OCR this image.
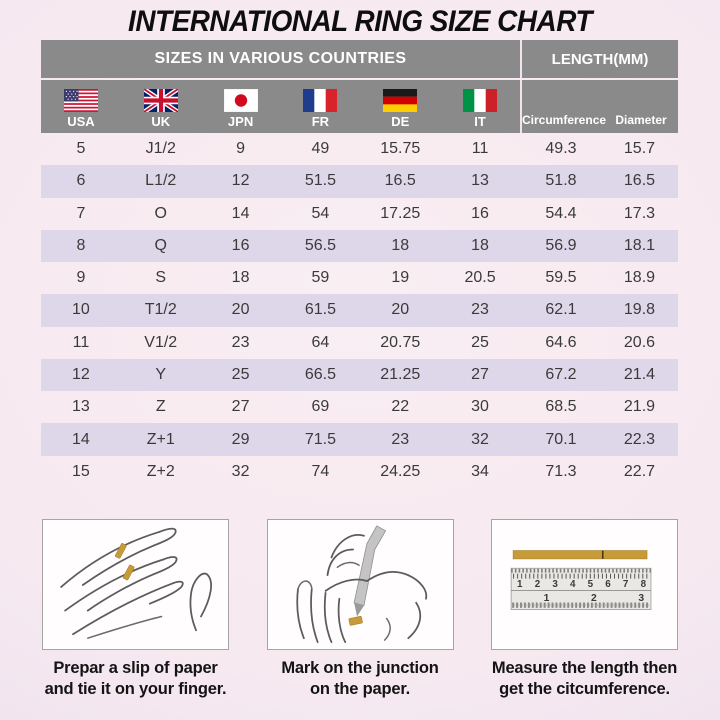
INTERNATIONAL RING SIZE CHART
SIZES IN VARIOUS COUNTRIES	LENGTH(MM)
USA	UK	JPN	FR	DE	IT	Circumference Diameter
5	J1/2	9	49	15.75	11	49.3	15.7
6	L1/2	12	51.5	16.5	13	51.8	16.5
7	O	14	54	17.25	16	54.4	17.3
8	Q	16	56.5	18	18	56.9	18.1
9	S	18	59	19	20.5	59.5	18.9
10	T1/2	20	61.5	20	23	62.1	19.8
11	V1/2	23	64	20.75	25	64.6	20.6
12	Y	25	66.5	21.25	27	67.2	21.4
13	Z	27	69	22	30	68.5	21.9
14	Z+1	29	71.5	23	32	70.1	22.3
15	Z+2	32	74	24.25	34	71.3	22.7
Prepar a slip of paper
and tie it on your finger.
Mark on the junction
on the paper.
1 2 3 4 5 6 7 8
1 2 3
Measure the length then
get the citcumference.
